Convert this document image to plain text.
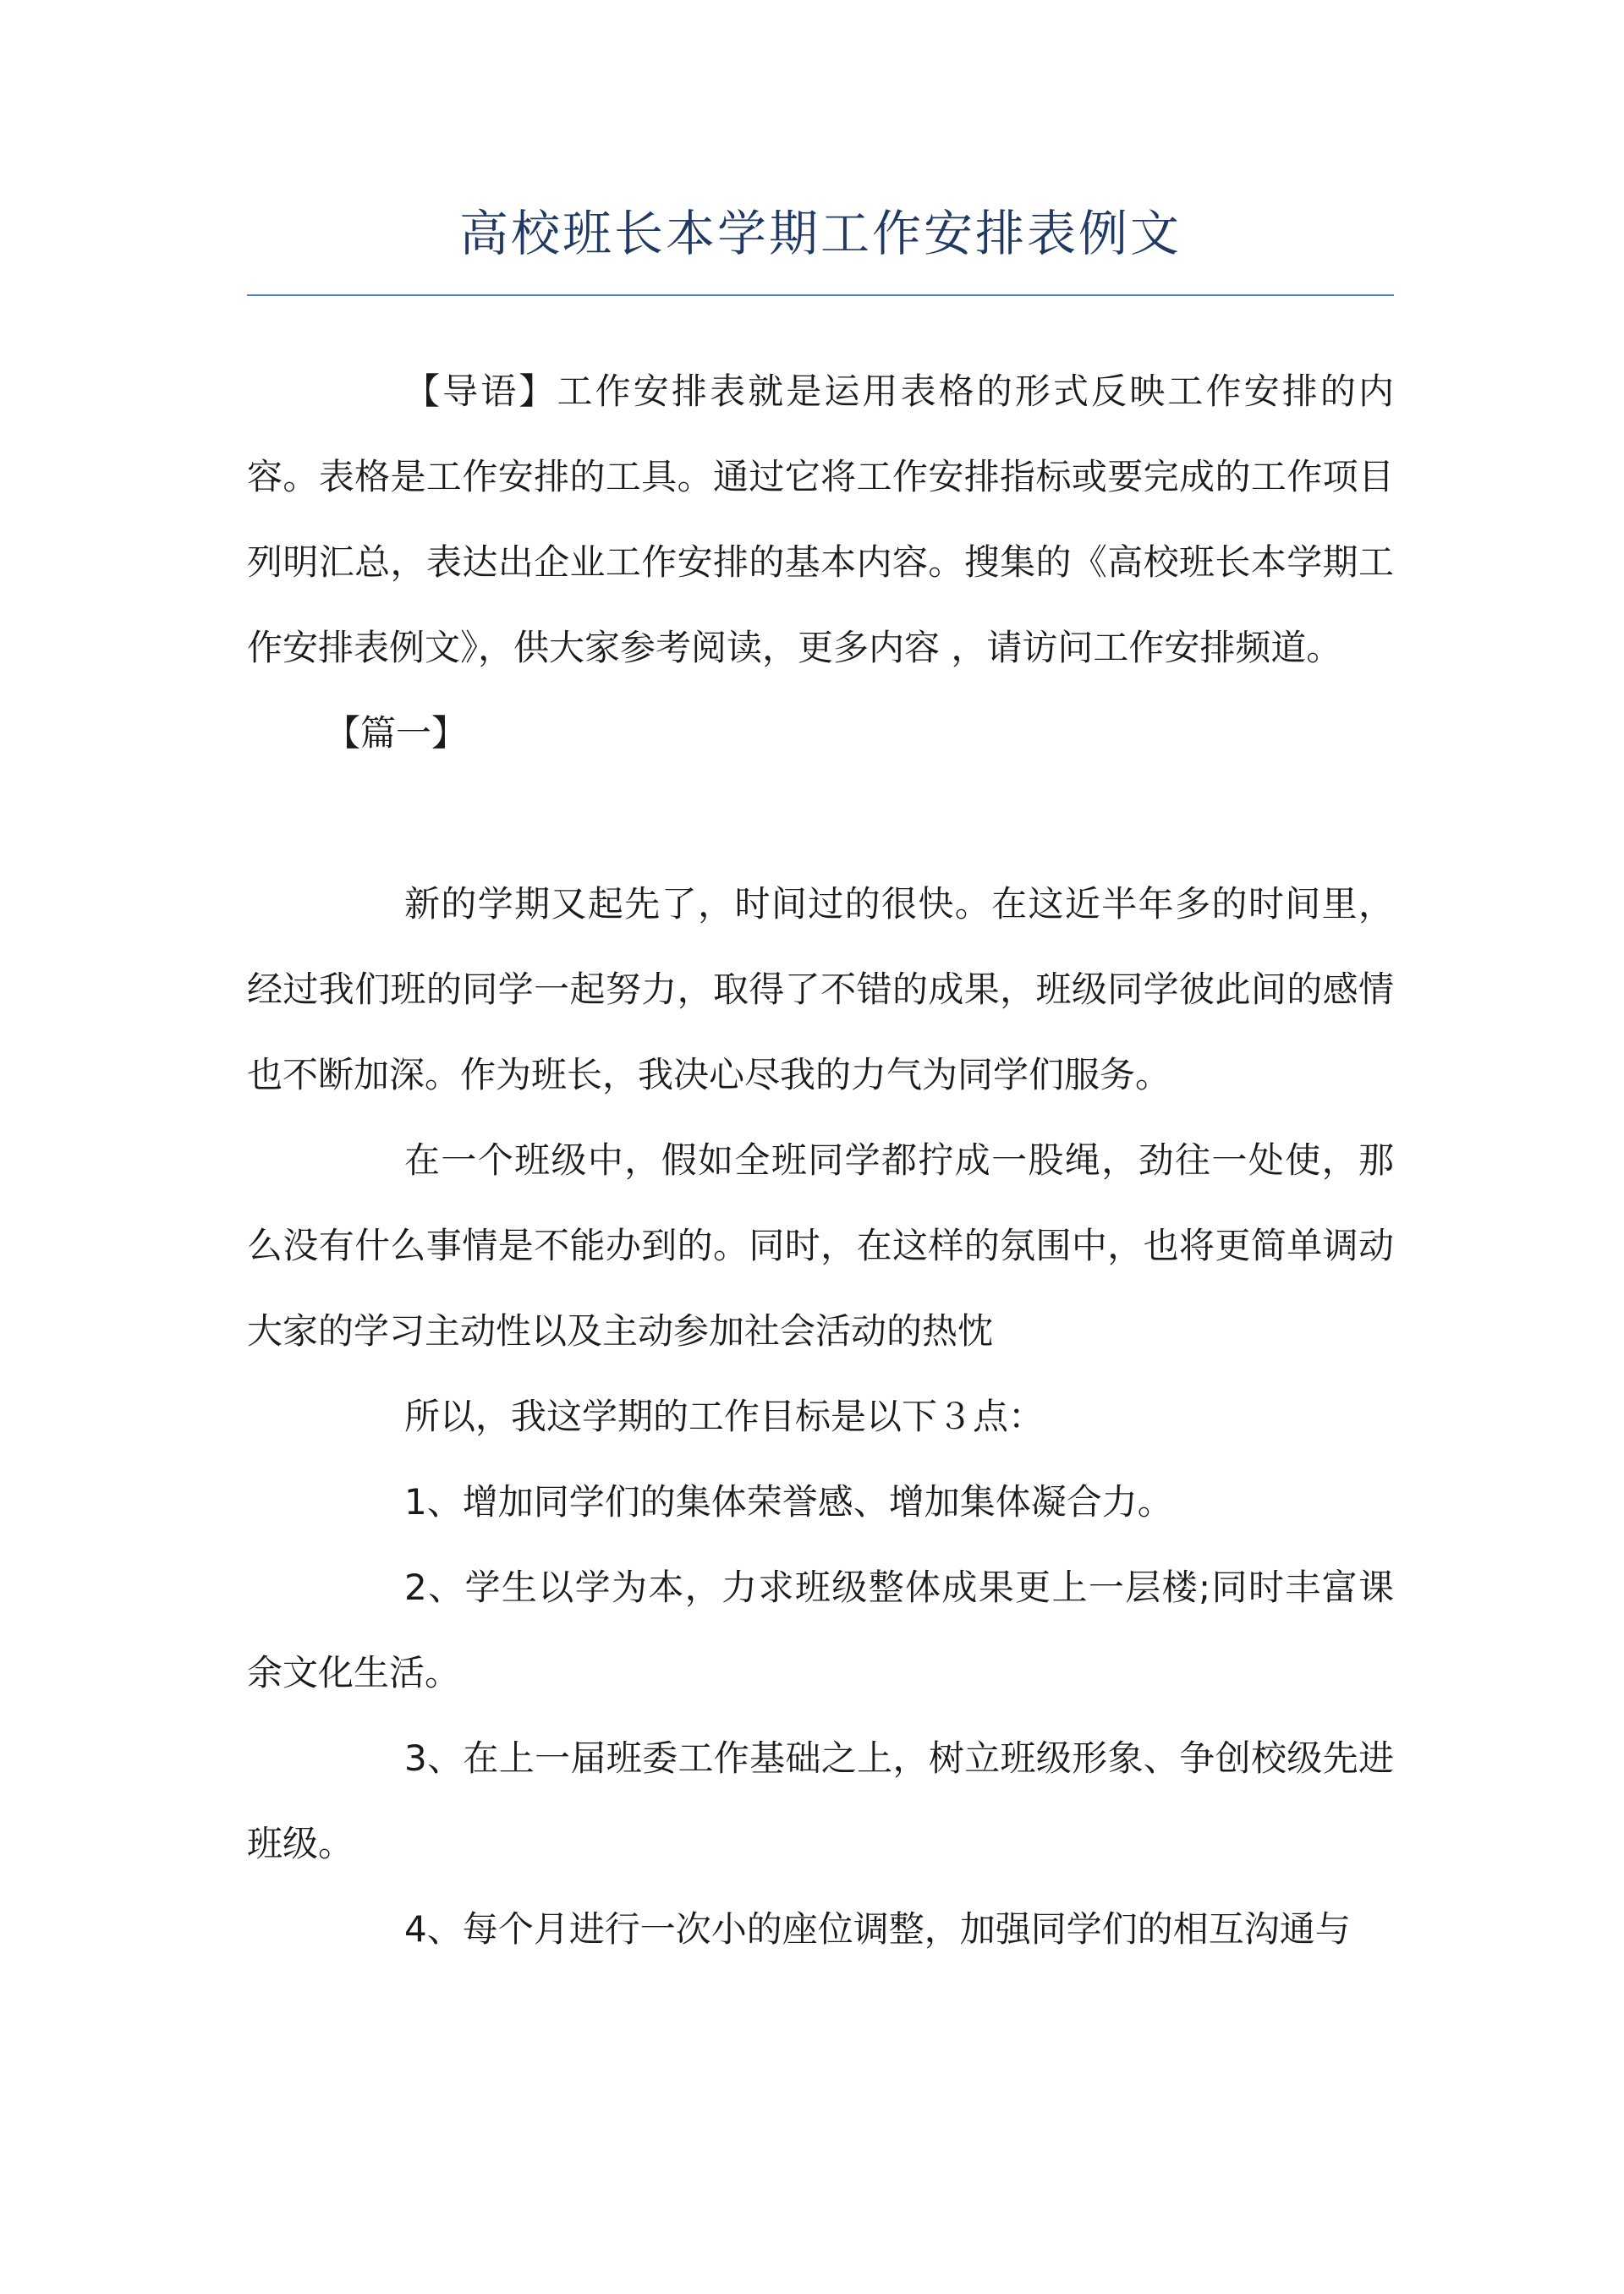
高校班长本学期工作安排表例文

【导语】工作安排表就是运用表格的形式反映工作安排的内容。表格是工作安排的工具。通过它将工作安排指标或要完成的工作项目列明汇总，表达出企业工作安排的基本内容。搜集的《高校班长本学期工作安排表例文》，供大家参考阅读，更多内容 ，请访问工作安排频道。

【篇一】

新的学期又起先了，时间过的很快。在这近半年多的时间里，经过我们班的同学一起努力，取得了不错的成果，班级同学彼此间的感情也不断加深。作为班长，我决心尽我的力气为同学们服务。

在一个班级中，假如全班同学都拧成一股绳，劲往一处使，那么没有什么事情是不能办到的。同时，在这样的氛围中，也将更简单调动大家的学习主动性以及主动参加社会活动的热忱

所以，我这学期的工作目标是以下３点：

1、增加同学们的集体荣誉感、增加集体凝合力。

2、学生以学为本，力求班级整体成果更上一层楼;同时丰富课余文化生活。

3、在上一届班委工作基础之上，树立班级形象、争创校级先进班级。

4、每个月进行一次小的座位调整，加强同学们的相互沟通与
